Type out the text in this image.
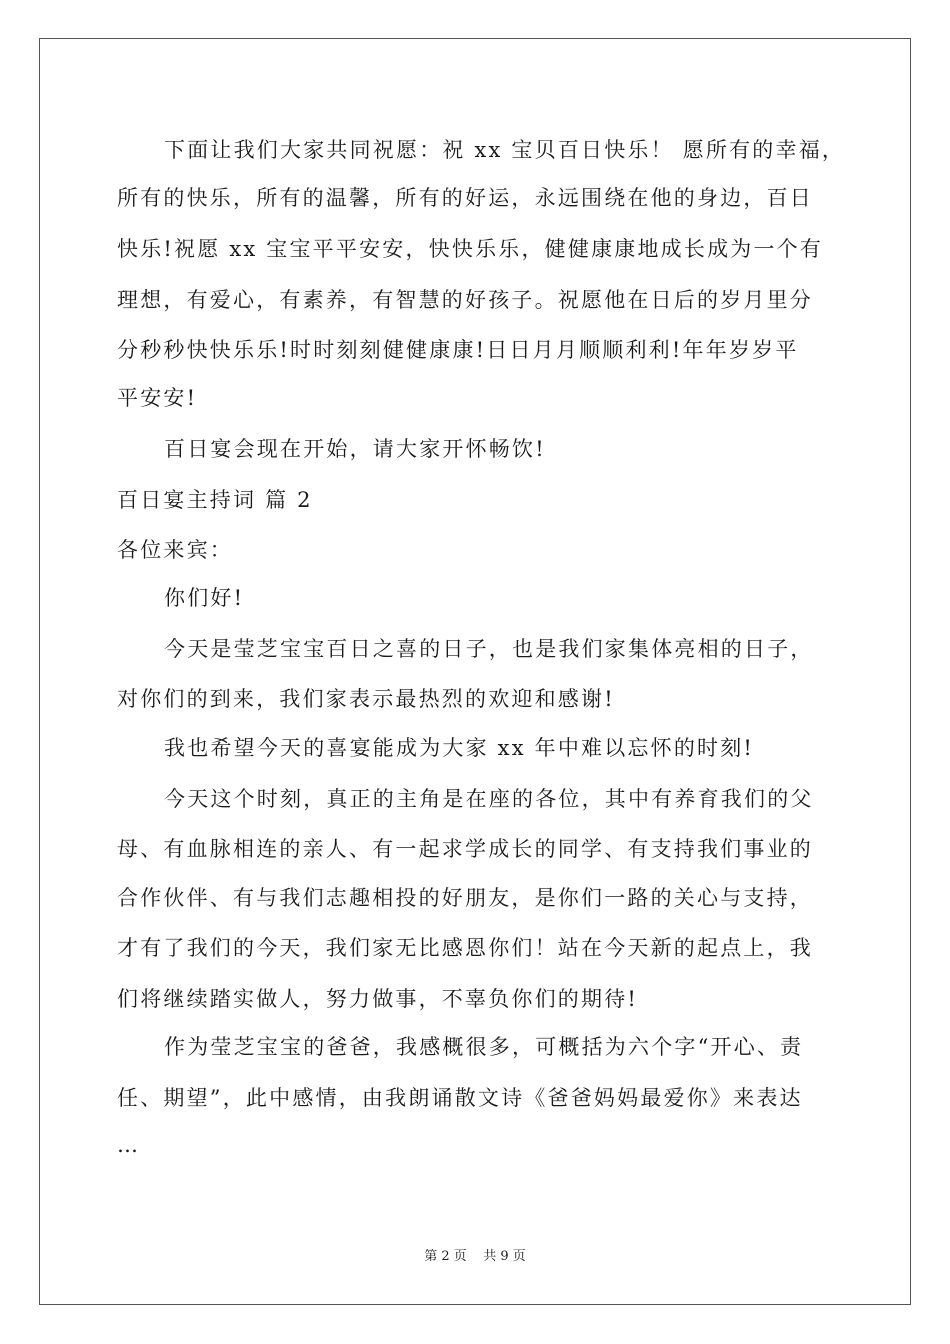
下面让我们大家共同祝愿：祝 xx 宝贝百日快乐！ 愿所有的幸福，
所有的快乐，所有的温馨，所有的好运，永远围绕在他的身边，百日
快乐!祝愿 xx 宝宝平平安安，快快乐乐，健健康康地成长成为一个有
理想，有爱心，有素养，有智慧的好孩子。祝愿他在日后的岁月里分
分秒秒快快乐乐!时时刻刻健健康康!日日月月顺顺利利!年年岁岁平
平安安!
百日宴会现在开始，请大家开怀畅饮!
百日宴主持词 篇 2
各位来宾：
你们好!
今天是莹芝宝宝百日之喜的日子，也是我们家集体亮相的日子，
对你们的到来，我们家表示最热烈的欢迎和感谢!
我也希望今天的喜宴能成为大家 xx 年中难以忘怀的时刻!
今天这个时刻，真正的主角是在座的各位，其中有养育我们的父
母、有血脉相连的亲人、有一起求学成长的同学、有支持我们事业的
合作伙伴、有与我们志趣相投的好朋友，是你们一路的关心与支持，
才有了我们的今天，我们家无比感恩你们！站在今天新的起点上，我
们将继续踏实做人，努力做事，不辜负你们的期待!
作为莹芝宝宝的爸爸，我感概很多，可概括为六个字“开心、责
任、期望”，此中感情，由我朗诵散文诗《爸爸妈妈最爱你》来表达
…
第 2 页    共 9 页
